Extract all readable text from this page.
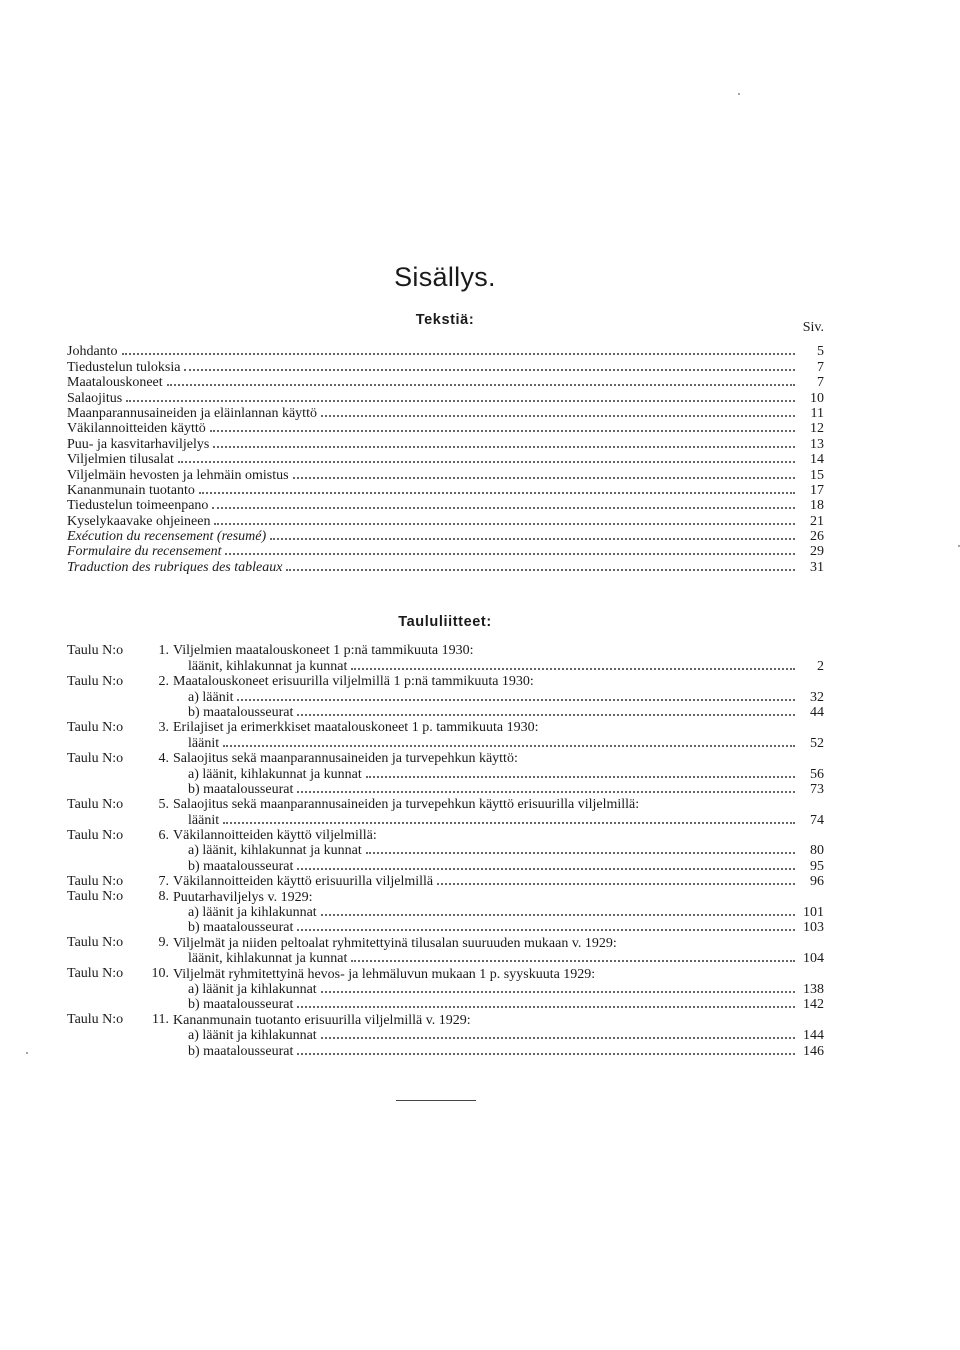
Sisällys.
Tekstiä:	Siv.
Johdanto	5
Tiedustelun tuloksia	7
Maatalouskoneet	7
Salaojitus	10
Maanparannusaineiden ja eläinlannan käyttö	11
Väkilannoitteiden käyttö	12
Puu- ja kasvitarhaviljelys	13
Viljelmien tilusalat	14
Viljelmäin hevosten ja lehmäin omistus	15
Kananmunain tuotanto	17
Tiedustelun toimeenpano	18
Kyselykaavake ohjeineen	21
Exécution du recensement (resumé)	26
Formulaire du recensement	29
Traduction des rubriques des tableaux	31
Taululiitteet:
Taulu N:o	1. Viljelmien maatalouskoneet 1 p:nä tammikuuta 1930:
läänit, kihlakunnat ja kunnat	2
Taulu N:o	2. Maatalouskoneet erisuurilla viljelmillä 1 p:nä tammikuuta 1930:
a) läänit	32
b) maatalousseurat	44
Taulu N:o	3. Erilajiset ja erimerkkiset maatalouskoneet 1 p. tammikuuta 1930:
läänit	52
Taulu N:o	4. Salaojitus sekä maanparannusaineiden ja turvepehkun käyttö:
a) läänit, kihlakunnat ja kunnat	56
b) maatalousseurat	73
Taulu N:o	5. Salaojitus sekä maanparannusaineiden ja turvepehkun käyttö erisuurilla viljelmillä:
läänit	74
Taulu N:o	6. Väkilannoitteiden käyttö viljelmillä:
a) läänit, kihlakunnat ja kunnat	80
b) maatalousseurat	95
Taulu N:o	7. Väkilannoitteiden käyttö erisuurilla viljelmillä	96
Taulu N:o	8. Puutarhaviljelys v. 1929:
a) läänit ja kihlakunnat	101
b) maatalousseurat	103
Taulu N:o	9. Viljelmät ja niiden peltoalat ryhmitettyinä tilusalan suuruuden mukaan v. 1929:
läänit, kihlakunnat ja kunnat	104
Taulu N:o 10. Viljelmät ryhmitettyinä hevos- ja lehmäluvun mukaan 1 p. syyskuuta 1929:
a) läänit ja kihlakunnat	138
b) maatalousseurat	142
Taulu N:o 11. Kananmunain tuotanto erisuurilla viljelmillä v. 1929:
a) läänit ja kihlakunnat	144
b) maatalousseurat	146
